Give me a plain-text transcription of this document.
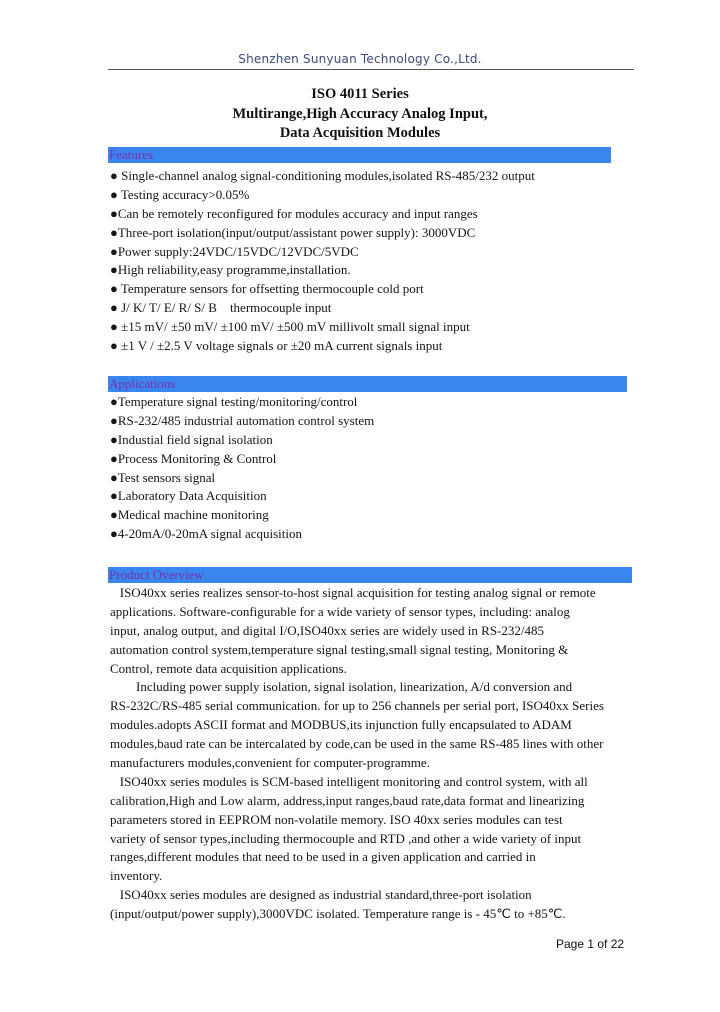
Shenzhen Sunyuan Technology Co.,Ltd.
ISO 4011 Series
Multirange,High Accuracy Analog Input,
Data Acquisition Modules
Features
● Single-channel analog signal-conditioning modules,isolated RS-485/232 output
● Testing accuracy>0.05%
●Can be remotely reconfigured for modules accuracy and input ranges
●Three-port isolation(input/output/assistant power supply): 3000VDC
●Power supply:24VDC/15VDC/12VDC/5VDC
●High reliability,easy programme,installation.
● Temperature sensors for offsetting thermocouple cold port
● J/ K/ T/ E/ R/ S/ B    thermocouple input
● ±15 mV/ ±50 mV/ ±100 mV/ ±500 mV millivolt small signal input
● ±1 V / ±2.5 V voltage signals or ±20 mA current signals input
Applications
●Temperature signal testing/monitoring/control
●RS-232/485 industrial automation control system
●Industial field signal isolation
●Process Monitoring & Control
●Test sensors signal
●Laboratory Data Acquisition
●Medical machine monitoring
●4-20mA/0-20mA signal acquisition
Product Overview
ISO40xx series realizes sensor-to-host signal acquisition for testing analog signal or remote
applications. Software-configurable for a wide variety of sensor types, including: analog
input, analog output, and digital I/O,ISO40xx series are widely used in RS-232/485
automation control system,temperature signal testing,small signal testing, Monitoring &
Control, remote data acquisition applications.
Including power supply isolation, signal isolation, linearization, A/d conversion and
RS-232C/RS-485 serial communication. for up to 256 channels per serial port, ISO40xx Series
modules.adopts ASCII format and MODBUS,its injunction fully encapsulated to ADAM
modules,baud rate can be intercalated by code,can be used in the same RS-485 lines with other
manufacturers modules,convenient for computer-programme.
ISO40xx series modules is SCM-based intelligent monitoring and control system, with all
calibration,High and Low alarm, address,input ranges,baud rate,data format and linearizing
parameters stored in EEPROM non-volatile memory. ISO 40xx series modules can test
variety of sensor types,including thermocouple and RTD ,and other a wide variety of input
ranges,different modules that need to be used in a given application and carried in
inventory.
ISO40xx series modules are designed as industrial standard,three-port isolation
(input/output/power supply),3000VDC isolated. Temperature range is - 45℃ to +85℃.
Page 1 of 22
